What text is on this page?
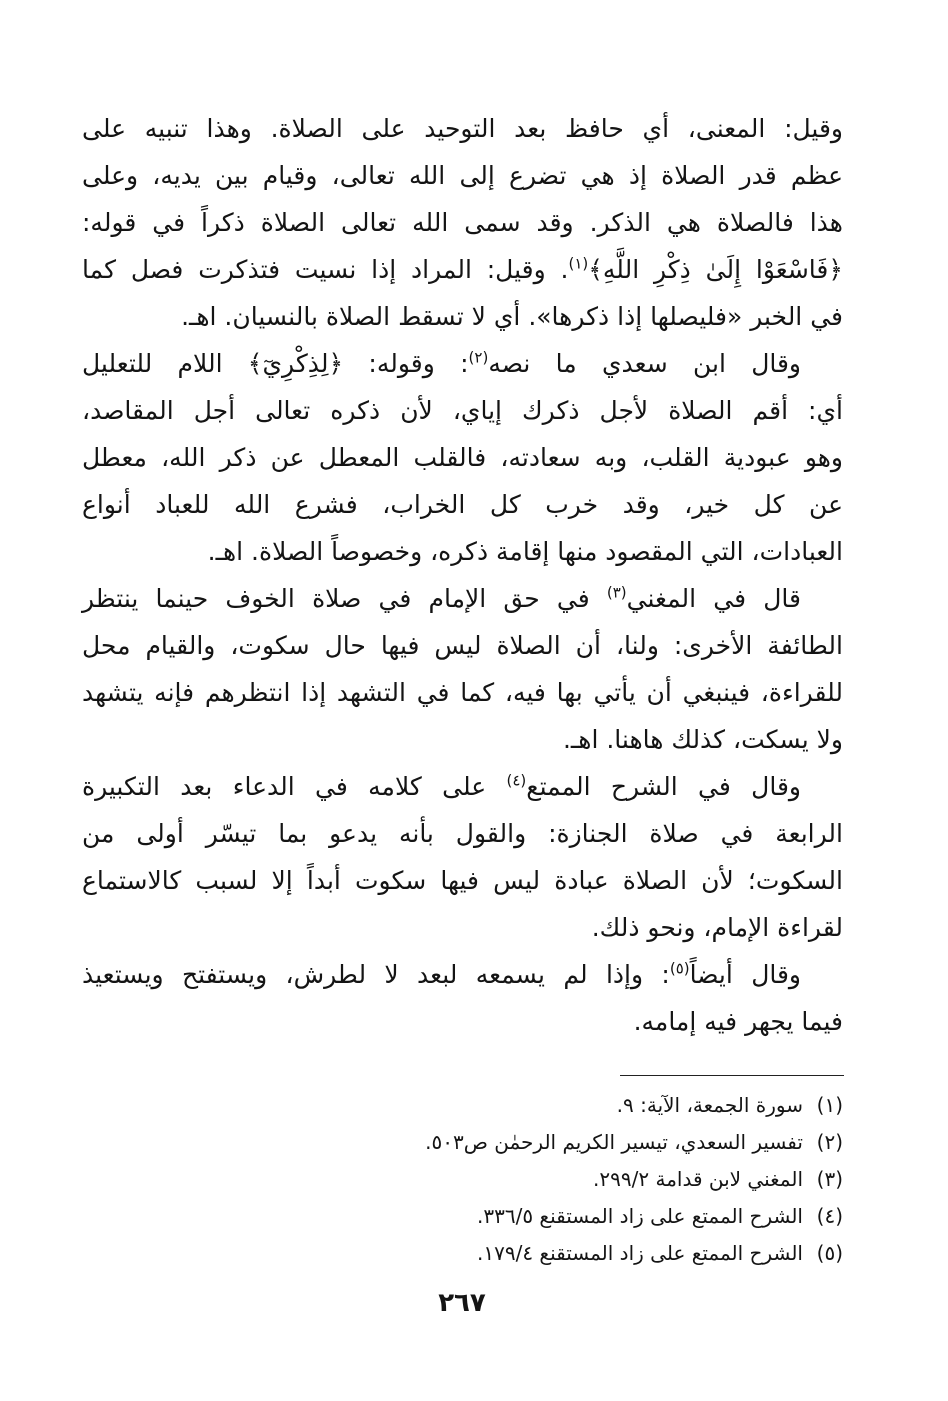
وقيل: المعنى، أي حافظ بعد التوحيد على الصلاة. وهذا تنبيه على
عظم قدر الصلاة إذ هي تضرع إلى الله تعالى، وقيام بين يديه، وعلى
هذا فالصلاة هي الذكر. وقد سمى الله تعالى الصلاة ذكراً في قوله:
﴿فَاسْعَوْا إِلَىٰ ذِكْرِ اللَّهِ﴾$^{(١)}$. وقيل: المراد إذا نسيت فتذكرت فصل كما
في الخبر «فليصلها إذا ذكرها». أي لا تسقط الصلاة بالنسيان. اهـ.
وقال ابن سعدي ما نصه$^{(٢)}$: وقوله: ﴿لِذِكْرِيٓ﴾ اللام للتعليل
أي: أقم الصلاة لأجل ذكرك إياي، لأن ذكره تعالى أجل المقاصد،
وهو عبودية القلب، وبه سعادته، فالقلب المعطل عن ذكر الله، معطل
عن كل خير، وقد خرب كل الخراب، فشرع الله للعباد أنواع
العبادات، التي المقصود منها إقامة ذكره، وخصوصاً الصلاة. اهـ.
قال في المغني$^{(٣)}$ في حق الإمام في صلاة الخوف حينما ينتظر
الطائفة الأخرى: ولنا، أن الصلاة ليس فيها حال سكوت، والقيام محل
للقراءة، فينبغي أن يأتي بها فيه، كما في التشهد إذا انتظرهم فإنه يتشهد
ولا يسكت، كذلك هاهنا. اهـ.
وقال في الشرح الممتع$^{(٤)}$ على كلامه في الدعاء بعد التكبيرة
الرابعة في صلاة الجنازة: والقول بأنه يدعو بما تيسّر أولى من
السكوت؛ لأن الصلاة عبادة ليس فيها سكوت أبداً إلا لسبب كالاستماع
لقراءة الإمام، ونحو ذلك.
وقال أيضاً$^{(٥)}$: وإذا لم يسمعه لبعد لا لطرش، ويستفتح ويستعيذ
فيما يجهر فيه إمامه.
(١)سورة الجمعة، الآية: ٩.
(٢)تفسير السعدي، تيسير الكريم الرحمٰن ص٥٠٣.
(٣)المغني لابن قدامة ٢٩٩/٢.
(٤)الشرح الممتع على زاد المستقنع ٣٣٦/٥.
(٥)الشرح الممتع على زاد المستقنع ١٧٩/٤.
٢٦٧
